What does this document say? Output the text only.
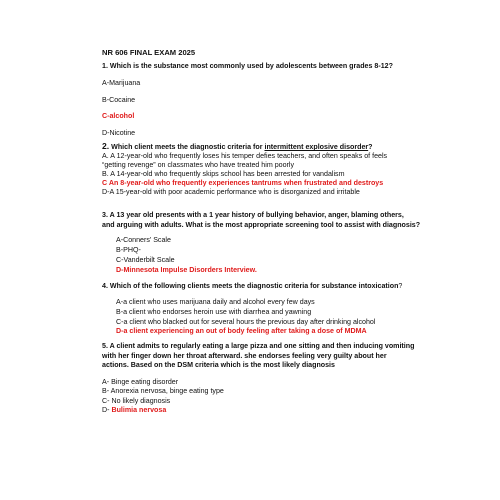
NR 606 FINAL EXAM 2025
1. Which is the substance most commonly used by adolescents between grades 8-12?
A-Marijuana
B-Cocaine
C-alcohol
D-Nicotine
2. Which client meets the diagnostic criteria for intermittent explosive disorder?
A. A 12-year-old who frequently loses his temper defies teachers, and often speaks of feels
“getting revenge” on classmates who have treated him poorly
B. A 14-year-old who frequently skips school has been arrested for vandalism
C An 8-year-old who frequently experiences tantrums when frustrated and destroys
D-A 15-year-old with poor academic performance who is disorganized and irritable
3. A 13 year old presents with a 1 year history of bullying behavior, anger, blaming others,
and arguing with adults. What is the most appropriate screening tool to assist with diagnosis?
A-Conners’ Scale
B-PHQ-
C-Vanderbilt Scale
D-Minnesota Impulse Disorders Interview.
4. Which of the following clients meets the diagnostic criteria for substance intoxication?
A-a client who uses marijuana daily and alcohol every few days
B-a client who endorses heroin use with diarrhea and yawning
C-a client who blacked out for several hours the previous day after drinking alcohol
D-a client experiencing an out of body feeling after taking a dose of MDMA
5. A client admits to regularly eating a large pizza and one sitting and then inducing vomiting
with her finger down her throat afterward. she endorses feeling very guilty about her
actions. Based on the DSM criteria which is the most likely diagnosis
A- Binge eating disorder
B- Anorexia nervosa, binge eating type
C- No likely diagnosis
D- Bulimia nervosa
